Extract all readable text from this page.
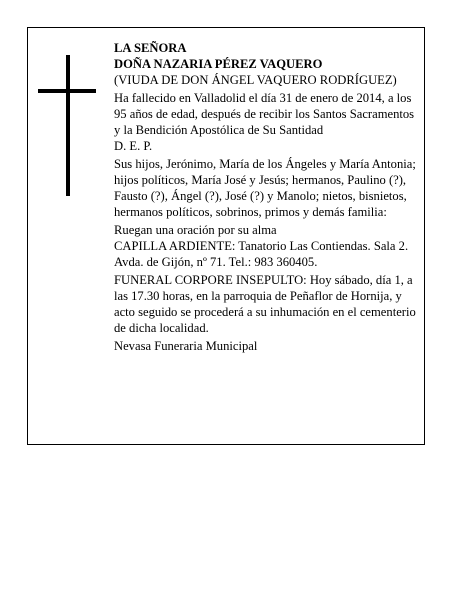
LA SEÑORA

DOÑA NAZARIA PÉREZ VAQUERO

(VIUDA DE DON ÁNGEL VAQUERO RODRÍGUEZ)

Ha fallecido en Valladolid el día 31 de enero de 2014, a los 95 años de edad, después de recibir los Santos Sacramentos y la Bendición Apostólica de Su Santidad

D. E. P.

Sus hijos, Jerónimo, María de los Ángeles y María Antonia; hijos políticos, María José y Jesús; hermanos, Paulino (?), Fausto (?), Ángel (?), José (?) y Manolo; nietos, bisnietos, hermanos políticos, sobrinos, primos y demás familia:

Ruegan una oración por su alma

CAPILLA ARDIENTE: Tanatorio Las Contiendas. Sala 2. Avda. de Gijón, nº 71. Tel.: 983 360405.

FUNERAL CORPORE INSEPULTO: Hoy sábado, día 1, a las 17.30 horas, en la parroquia de Peñaflor de Hornija, y acto seguido se procederá a su inhumación en el cementerio de dicha localidad.

Nevasa Funeraria Municipal
